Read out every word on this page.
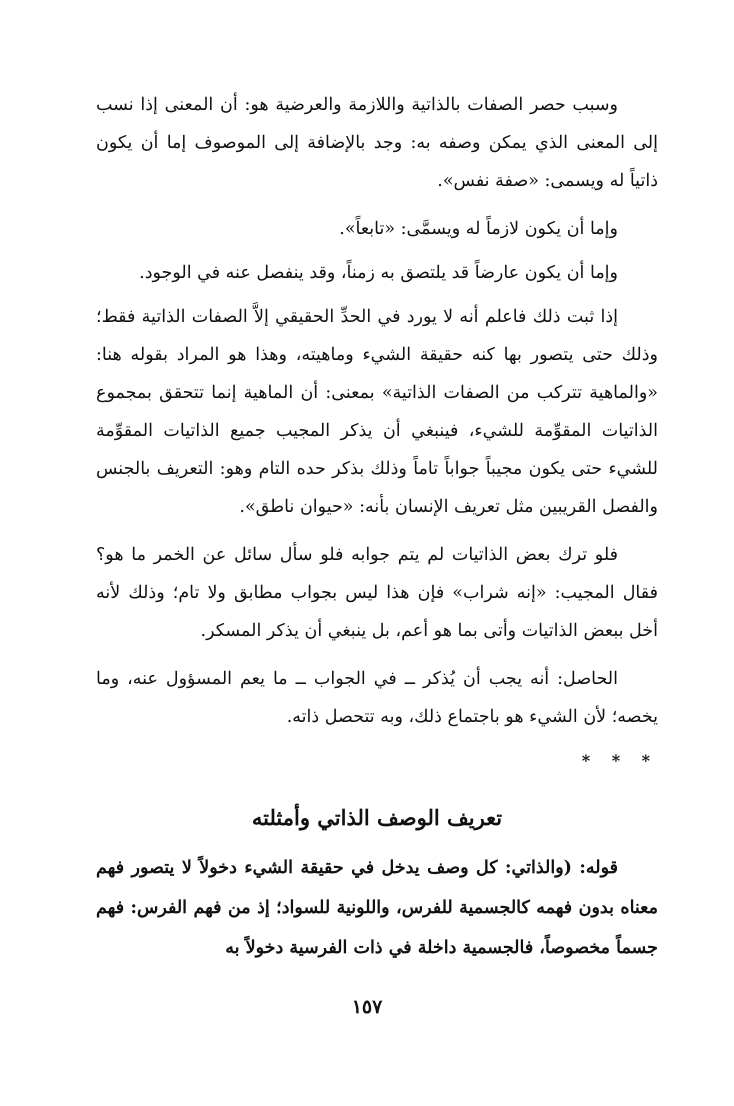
وسبب حصر الصفات بالذاتية واللازمة والعرضية هو: أن المعنى إذا نسب إلى المعنى الذي يمكن وصفه به: وجد بالإضافة إلى الموصوف إما أن يكون ذاتياً له ويسمى: «صفة نفس».

وإما أن يكون لازماً له ويسمَّى: «تابعاً».

وإما أن يكون عارضاً قد يلتصق به زمناً، وقد ينفصل عنه في الوجود.

إذا ثبت ذلك فاعلم أنه لا يورد في الحدِّ الحقيقي إلاَّ الصفات الذاتية فقط؛ وذلك حتى يتصور بها كنه حقيقة الشيء وماهيته، وهذا هو المراد بقوله هنا: «والماهية تتركب من الصفات الذاتية» بمعنى: أن الماهية إنما تتحقق بمجموع الذاتيات المقوِّمة للشيء، فينبغي أن يذكر المجيب جميع الذاتيات المقوِّمة للشيء حتى يكون مجيباً جواباً تاماً وذلك بذكر حده التام وهو: التعريف بالجنس والفصل القريبين مثل تعريف الإنسان بأنه: «حيوان ناطق».

فلو ترك بعض الذاتيات لم يتم جوابه فلو سأل سائل عن الخمر ما هو؟ فقال المجيب: «إنه شراب» فإن هذا ليس بجواب مطابق ولا تام؛ وذلك لأنه أخل ببعض الذاتيات وأتى بما هو أعم، بل ينبغي أن يذكر المسكر.

الحاصل: أنه يجب أن يُذكر ــ في الجواب ــ ما يعم المسؤول عنه، وما يخصه؛ لأن الشيء هو باجتماع ذلك، وبه تتحصل ذاته.

* * *
تعريف الوصف الذاتي وأمثلته

قوله: (والذاتي: كل وصف يدخل في حقيقة الشيء دخولاً لا يتصور فهم معناه بدون فهمه كالجسمية للفرس، واللونية للسواد؛ إذ من فهم الفرس: فهم جسماً مخصوصاً، فالجسمية داخلة في ذات الفرسية دخولاً به

١٥٧
